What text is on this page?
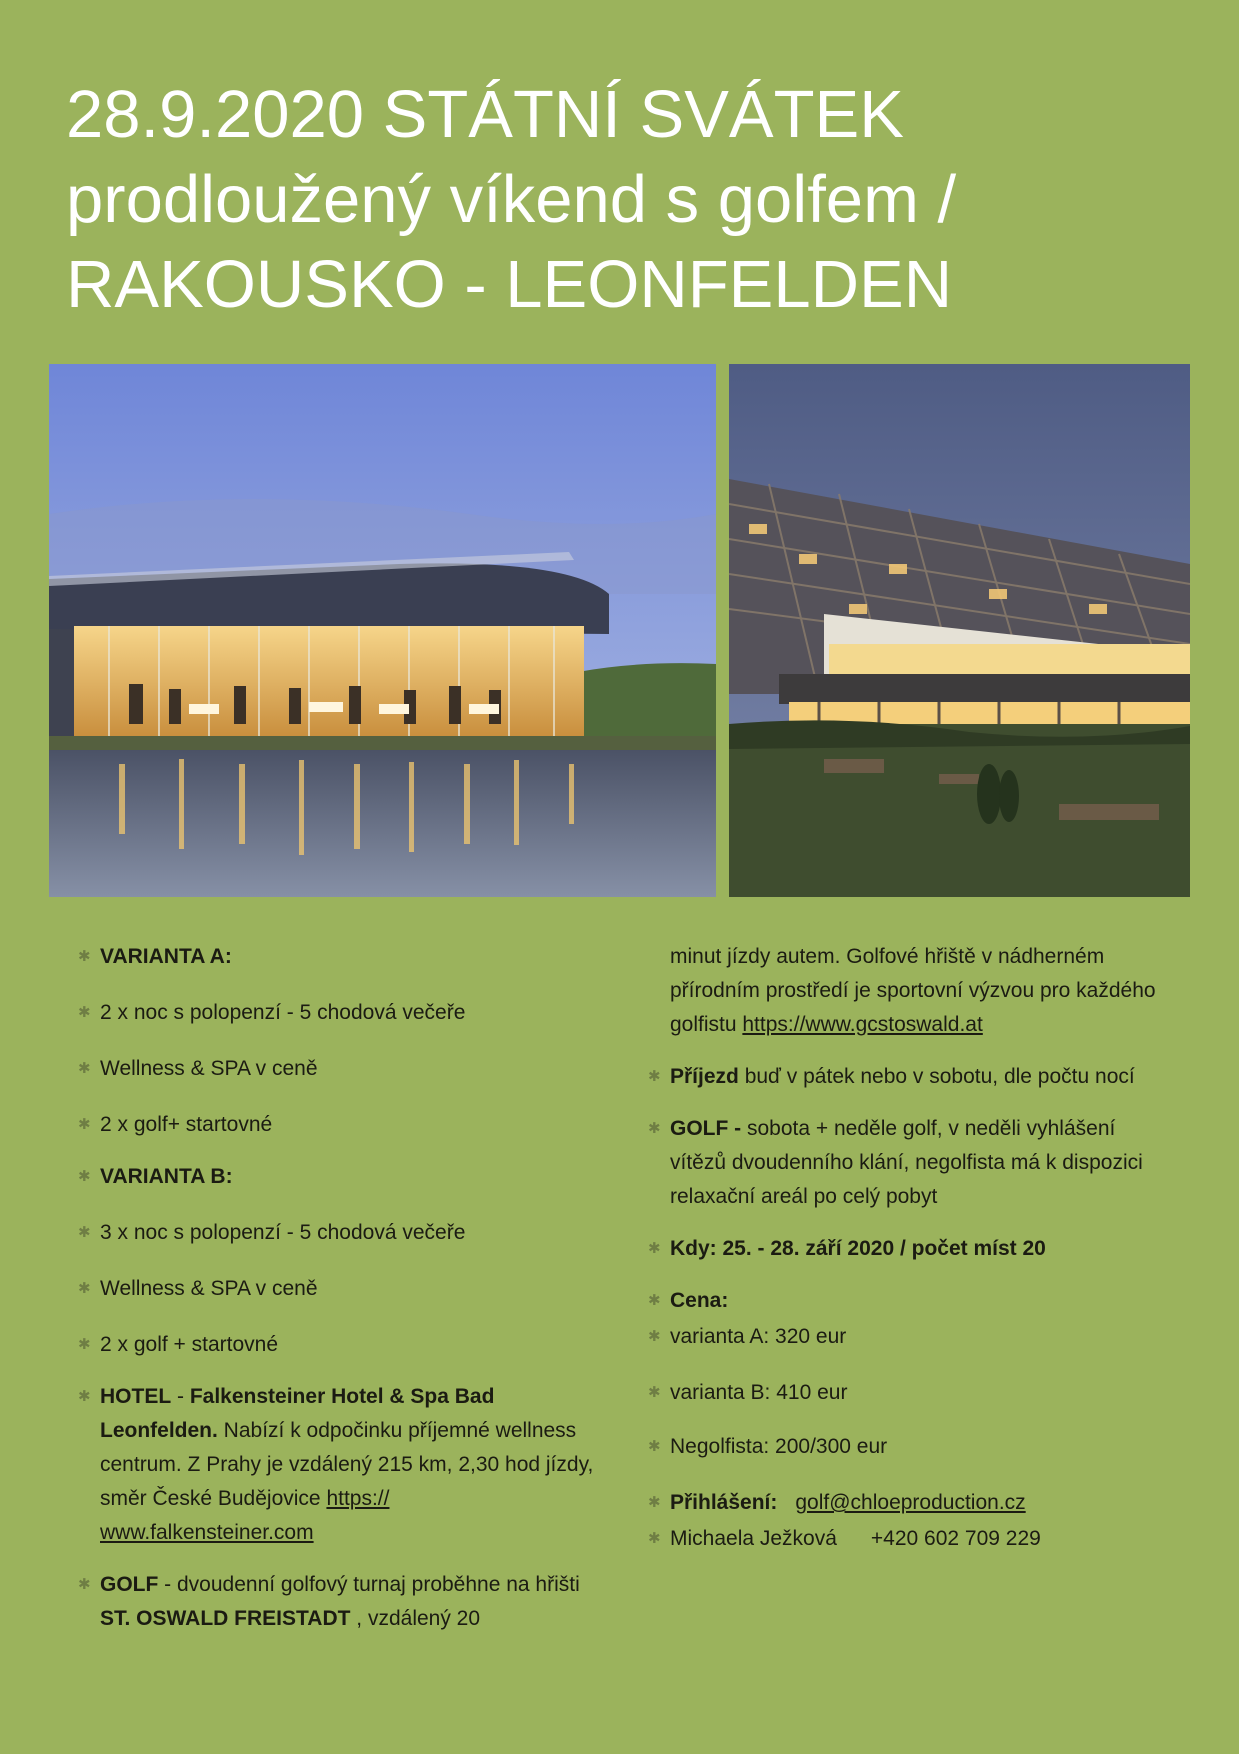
28.9.2020 STÁTNÍ SVÁTEK
prodloužený víkend s golfem /
RAKOUSKO - LEONFELDEN
✱ VARIANTA A:
✱ 2 x noc s polopenzí - 5 chodová večeře
✱ Wellness & SPA v ceně
✱ 2 x golf+ startovné
✱ VARIANTA B:
✱ 3 x noc s polopenzí - 5 chodová večeře
✱ Wellness & SPA v ceně
✱ 2 x golf + startovné
✱ HOTEL - Falkensteiner Hotel & Spa Bad Leonfelden. Nabízí k odpočinku příjemné wellness centrum. Z Prahy je vzdálený 215 km, 2,30 hod jízdy, směr České Budějovice https://
www.falkensteiner.com
✱ GOLF - dvoudenní golfový turnaj proběhne na hřišti ST. OSWALD FREISTADT , vzdálený 20
minut jízdy autem. Golfové hřiště v nádherném přírodním prostředí je sportovní výzvou pro každého golfistu https://www.gcstoswald.at
✱ Příjezd buď v pátek nebo v sobotu, dle počtu nocí
✱ GOLF - sobota + neděle golf, v neděli vyhlášení vítězů dvoudenního klání, negolfista má k dispozici relaxační areál po celý pobyt
✱ Kdy: 25. - 28. září 2020 / počet míst 20
✱ Cena:
✱ varianta A: 320 eur
✱ varianta B: 410 eur
✱ Negolfista: 200/300 eur
✱ Přihlášení: golf@chloeproduction.cz
✱ Michaela Ježková +420 602 709 229
